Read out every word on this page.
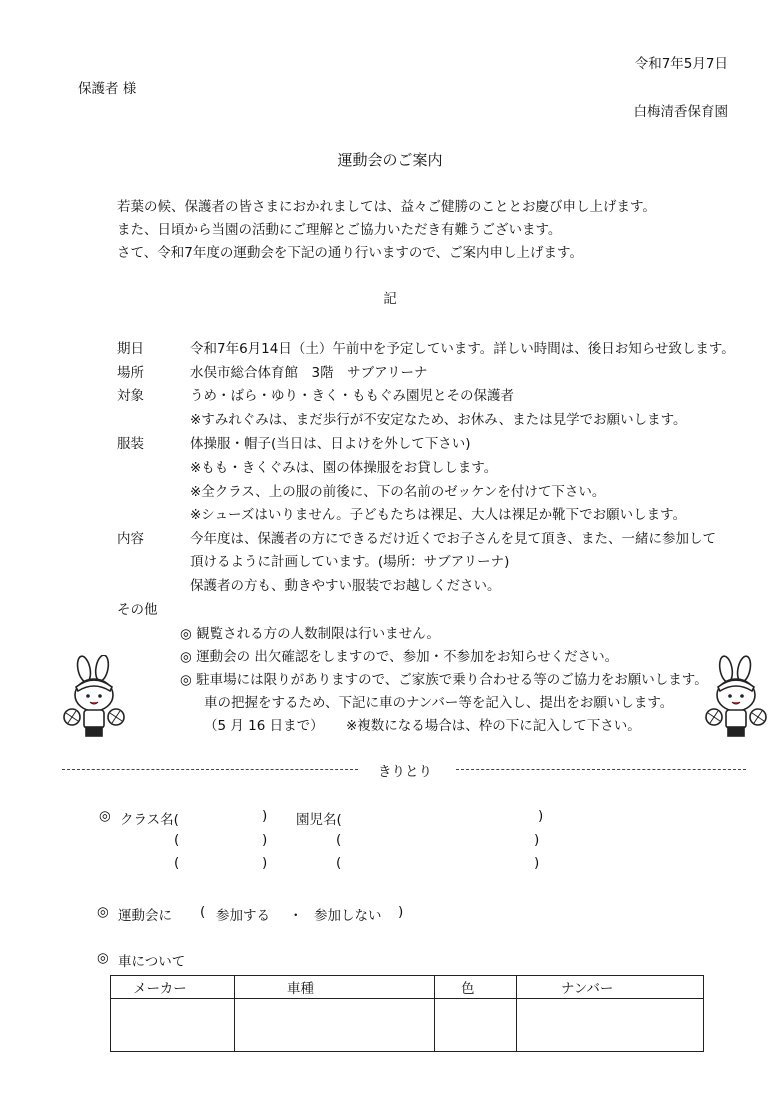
令和7年5月7日
保護者 様
白梅清香保育園
運動会のご案内
若葉の候、保護者の皆さまにおかれましては、益々ご健勝のこととお慶び申し上げます。
また、日頃から当園の活動にご理解とご協力いただき有難うございます。
さて、令和7年度の運動会を下記の通り行いますので、ご案内申し上げます。
記
期日	令和7年6月14日（土）午前中を予定しています。詳しい時間は、後日お知らせ致します。
場所	水俣市総合体育館　3階　サブアリーナ
対象	うめ・ばら・ゆり・きく・ももぐみ園児とその保護者
※すみれぐみは、まだ歩行が不安定なため、お休み、または見学でお願いします。
服装	体操服・帽子(当日は、日よけを外して下さい)
※もも・きくぐみは、園の体操服をお貸しします。
※全クラス、上の服の前後に、下の名前のゼッケンを付けて下さい。
※シューズはいりません。子どもたちは裸足、大人は裸足か靴下でお願いします。
内容	今年度は、保護者の方にできるだけ近くでお子さんを見て頂き、また、一緒に参加して
頂けるように計画しています。(場所：サブアリーナ)
保護者の方も、動きやすい服装でお越しください。
その他
◎ 観覧される方の人数制限は行いません。
◎ 運動会の 出欠確認をしますので、参加・不参加をお知らせください。
◎ 駐車場には限りがありますので、ご家族で乗り合わせる等のご協力をお願いします。
車の把握をするため、下記に車のナンバー等を記入し、提出をお願いします。
（5 月 16 日まで） ※複数になる場合は、枠の下に記入して下さい。
きりとり
◎ クラス名(	) 園児名(	)
(	)	(	)
(	)	(	)
◎ 運動会に ( 参加する ・ 参加しない )
◎ 車について
メーカー	車種	色	ナンバー
